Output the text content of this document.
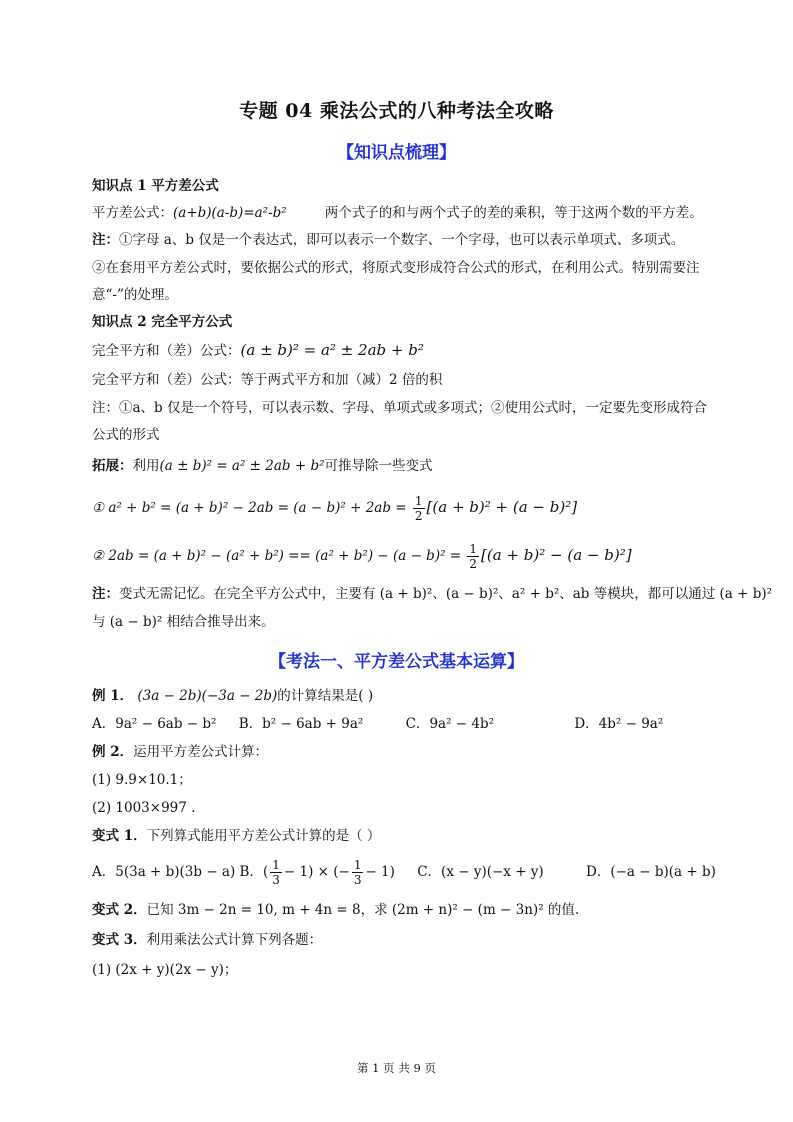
专题 04 乘法公式的八种考法全攻略
【知识点梳理】
知识点 1 平方差公式
平方差公式：(a+b)(a-b)=a²-b²	两个式子的和与两个式子的差的乘积，等于这两个数的平方差。
注：①字母 a、b 仅是一个表达式，即可以表示一个数字、一个字母，也可以表示单项式、多项式。
②在套用平方差公式时，要依据公式的形式，将原式变形成符合公式的形式，在利用公式。特别需要注
意“-”的处理。
知识点 2 完全平方公式
完全平方和（差）公式：(a ± b)² = a² ± 2ab + b²
完全平方和（差）公式：等于两式平方和加（减）2 倍的积
注：①a、b 仅是一个符号，可以表示数、字母、单项式或多项式；②使用公式时，一定要先变形成符合
公式的形式
拓展：利用(a ± b)² = a² ± 2ab + b²可推导除一些变式
① $a^2 + b^2 = (a + b)^2 - 2ab = (a - b)^2 + 2ab = \frac{1}{2} [(a + b)^2 + (a - b)^2]$
② $2ab = (a + b)^2 - (a^2 + b^2) == (a^2 + b^2) - (a - b)^2 = \frac{1}{2} [(a + b)^2 - (a - b)^2]$
注：变式无需记忆。在完全平方公式中，主要有 (a + b)²、(a − b)²、a² + b²、ab 等模块，都可以通过 (a + b)²
与 (a − b)² 相结合推导出来。
【考法一、平方差公式基本运算】
例 1． (3a − 2b)(−3a − 2b)的计算结果是( )
A．9a² − 6ab − b² B．b² − 6ab + 9a²	C．9a² − 4b²	D．4b² − 9a²
例 2．运用平方差公式计算：
(1) 9.9×10.1；
(2) 1003×997 .
变式 1．下列算式能用平方差公式计算的是（ ）
A．5(3a + b)(3b − a) B．( $\frac{1}{3} - 1$) × (− $\frac{1}{3} - 1$) C．(x − y)(−x + y)	D．(−a − b)(a + b)
变式 2．已知 3m − 2n = 10, m + 4n = 8，求 (2m + n)² − (m − 3n)² 的值.
变式 3．利用乘法公式计算下列各题：
(1) (2x + y)(2x − y)；
第 1 页 共 9 页
